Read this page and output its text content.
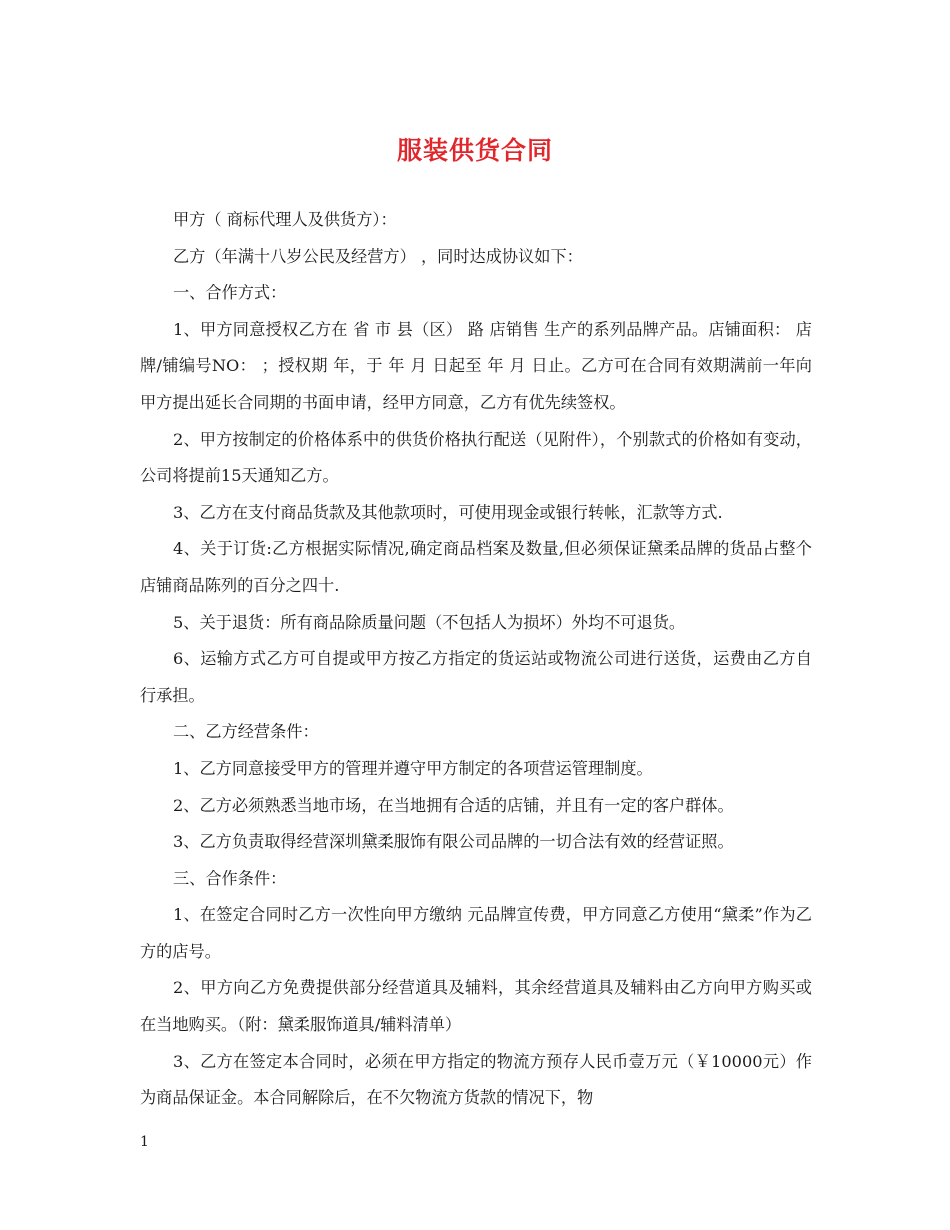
服装供货合同

甲方（ 商标代理人及供货方）：

乙方（年满十八岁公民及经营方） ，同时达成协议如下：

一、合作方式：

1、甲方同意授权乙方在 省 市 县（区） 路 店销售 生产的系列品牌产品。店铺面积： 店牌/铺编号NO： ；授权期 年，于 年 月 日起至 年 月 日止。乙方可在合同有效期满前一年向甲方提出延长合同期的书面申请，经甲方同意，乙方有优先续签权。

2、甲方按制定的价格体系中的供货价格执行配送（见附件），个别款式的价格如有变动，公司将提前15天通知乙方。

3、乙方在支付商品货款及其他款项时，可使用现金或银行转帐，汇款等方式.

4、关于订货:乙方根据实际情况,确定商品档案及数量,但必须保证黛柔品牌的货品占整个店铺商品陈列的百分之四十.

5、关于退货：所有商品除质量问题（不包括人为损坏）外均不可退货。

6、运输方式乙方可自提或甲方按乙方指定的货运站或物流公司进行送货，运费由乙方自行承担。

二、乙方经营条件：

1、乙方同意接受甲方的管理并遵守甲方制定的各项营运管理制度。

2、乙方必须熟悉当地市场，在当地拥有合适的店铺，并且有一定的客户群体。

3、乙方负责取得经营深圳黛柔服饰有限公司品牌的一切合法有效的经营证照。

三、合作条件：

1、在签定合同时乙方一次性向甲方缴纳 元品牌宣传费，甲方同意乙方使用“黛柔”作为乙方的店号。

2、甲方向乙方免费提供部分经营道具及辅料，其余经营道具及辅料由乙方向甲方购买或在当地购买。（附：黛柔服饰道具/辅料清单）

3、乙方在签定本合同时，必须在甲方指定的物流方预存人民币壹万元（￥10000元）作为商品保证金。本合同解除后，在不欠物流方货款的情况下，物

1
